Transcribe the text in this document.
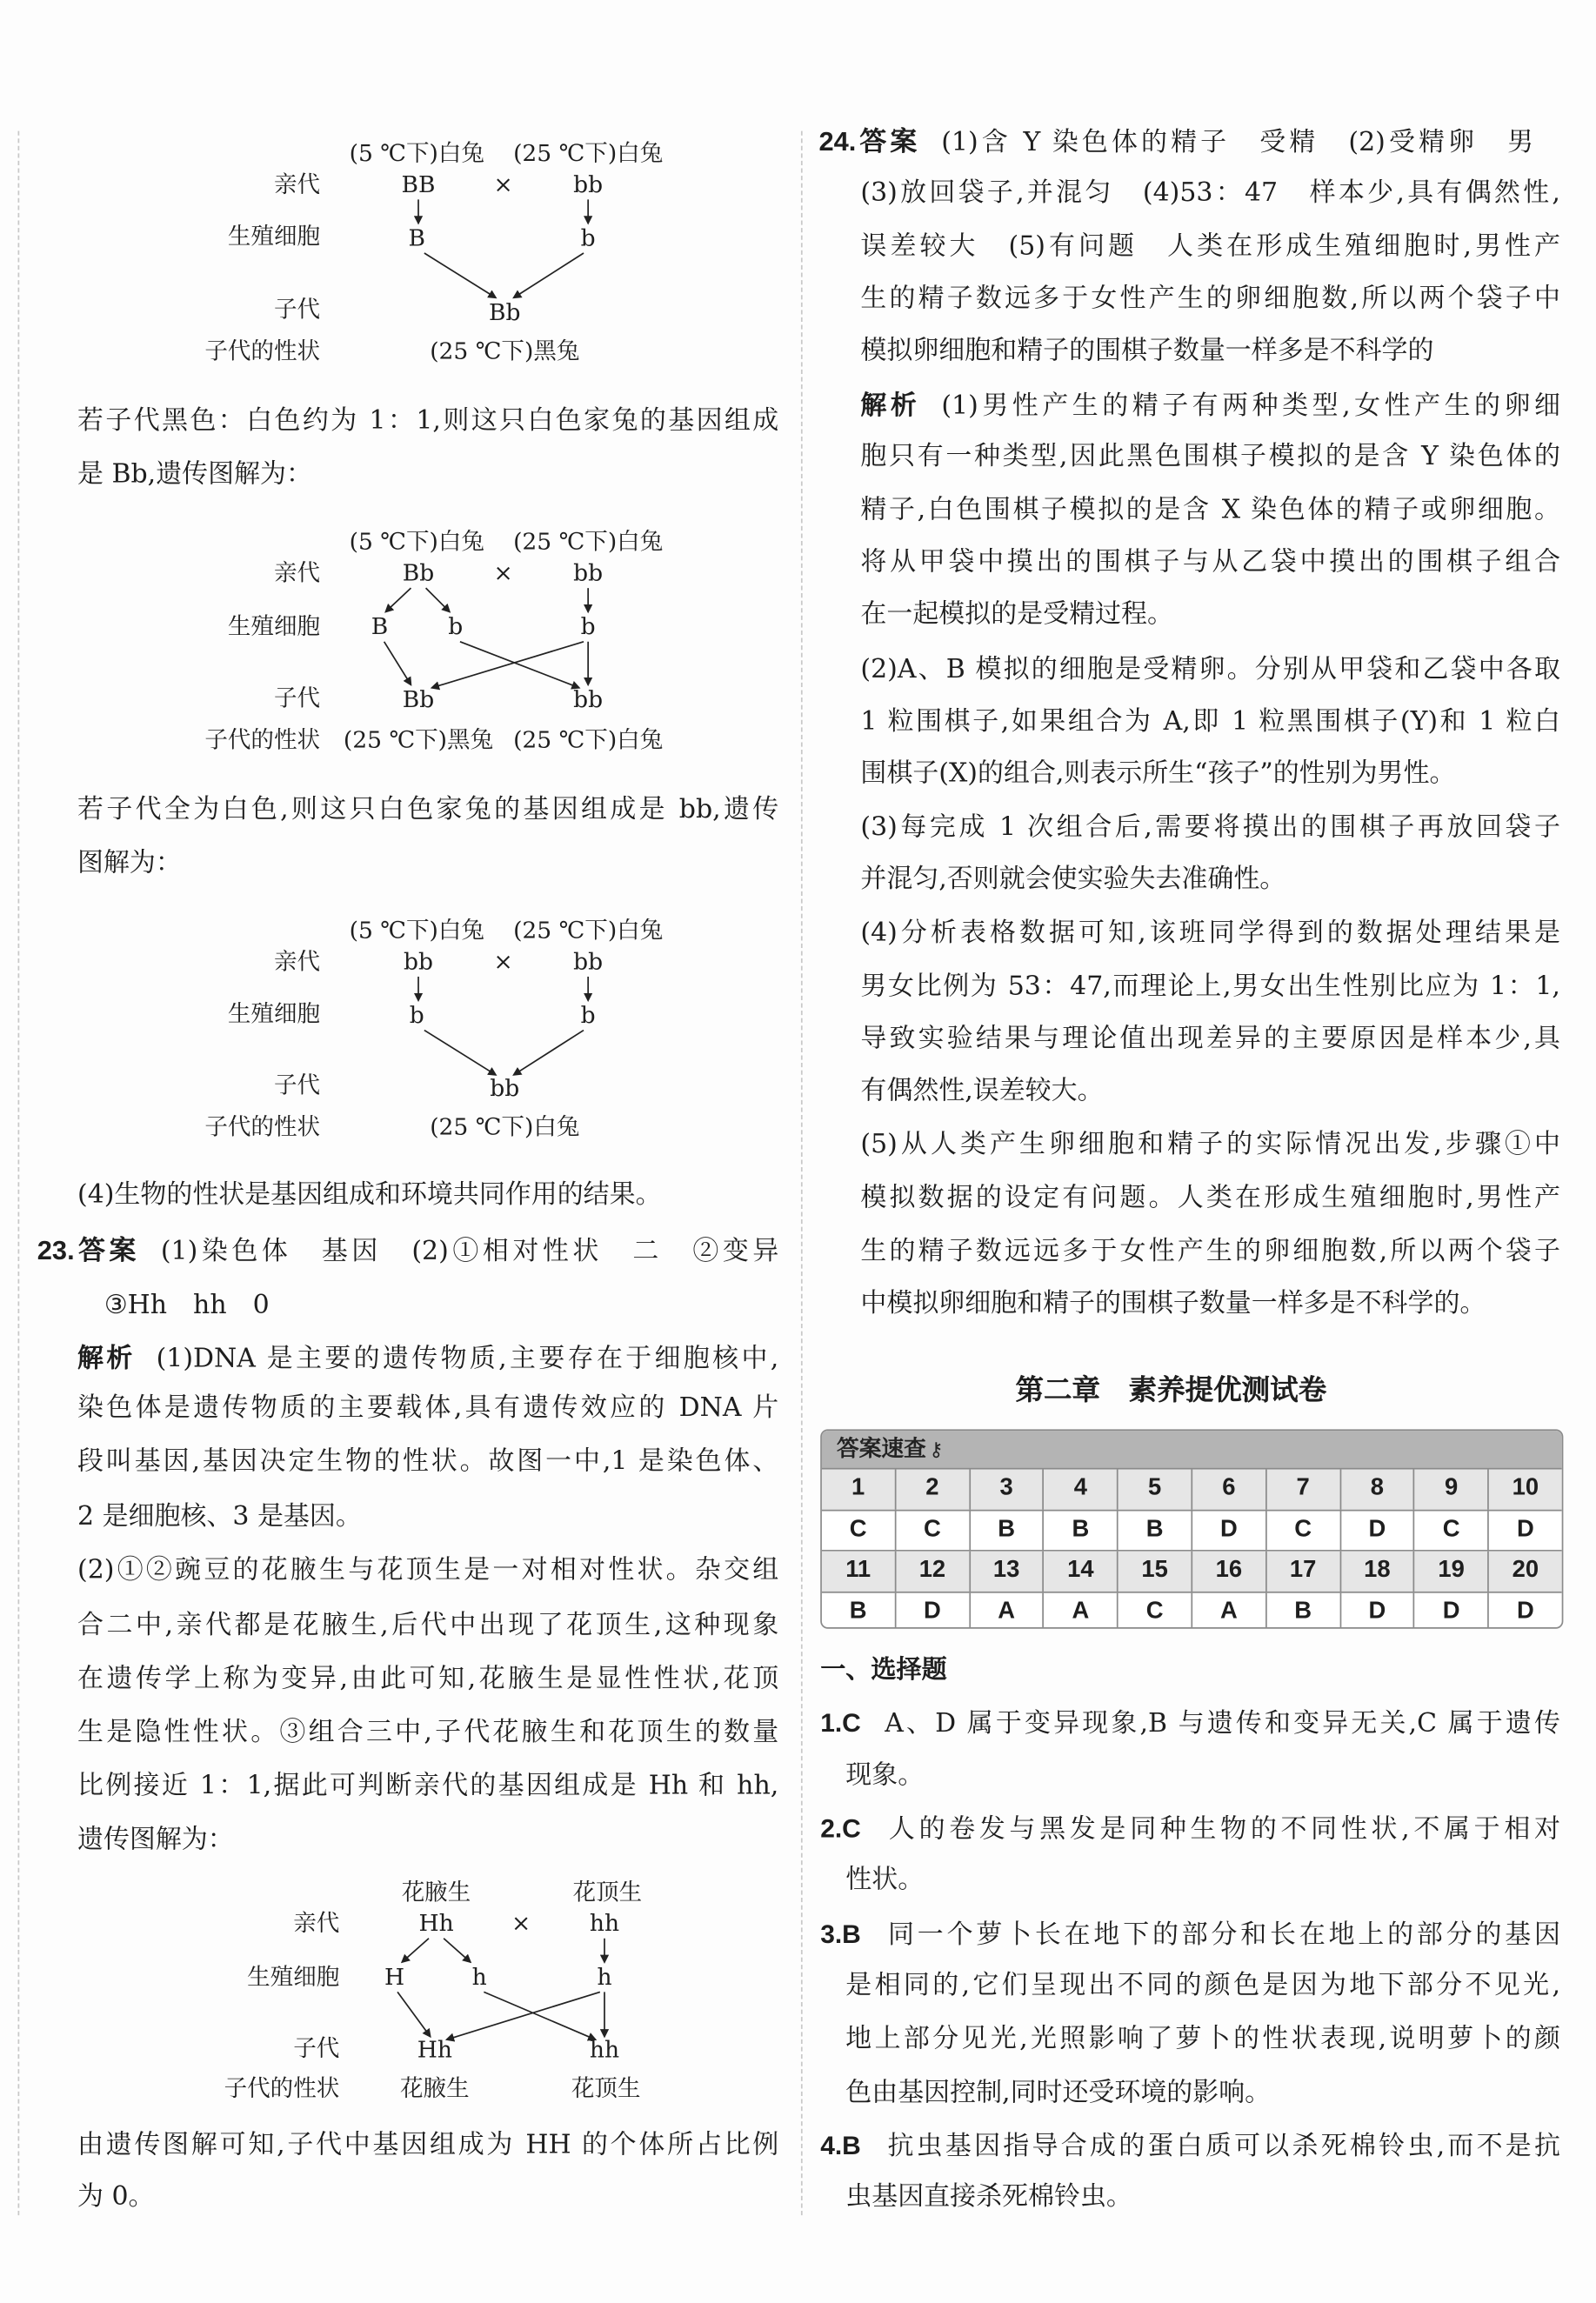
(5 ℃下)白兔 (25 ℃下)白兔
亲代
生殖细胞
子代
子代的性状
BB	×	bb
B	b
Bb
(25 ℃下)黑兔
若子代黑色：白色约为 1：1,则这只白色家兔的基因组成
是 Bb,遗传图解为：
(5 ℃下)白兔 (25 ℃下)白兔
亲代
生殖细胞
子代
子代的性状
Bb	×	bb
B	b	b
Bb	bb
(25 ℃下)黑兔 (25 ℃下)白兔
若子代全为白色,则这只白色家兔的基因组成是 bb,遗传
图解为：
(5 ℃下)白兔 (25 ℃下)白兔
亲代
生殖细胞
子代
子代的性状
bb	×	bb
b	b
bb
(25 ℃下)白兔
(4)生物的性状是基因组成和环境共同作用的结果。
23.答案 (1)染色体　基因　(2)①相对性状　二　②变异
③Hh　hh　0
解析 (1)DNA 是主要的遗传物质,主要存在于细胞核中,
染色体是遗传物质的主要载体,具有遗传效应的 DNA 片
段叫基因,基因决定生物的性状。故图一中,1 是染色体、
2 是细胞核、3 是基因。
(2)①②豌豆的花腋生与花顶生是一对相对性状。杂交组
合二中,亲代都是花腋生,后代中出现了花顶生,这种现象
在遗传学上称为变异,由此可知,花腋生是显性性状,花顶
生是隐性性状。③组合三中,子代花腋生和花顶生的数量
比例接近 1：1,据此可判断亲代的基因组成是 Hh 和 hh,
遗传图解为：
花腋生	花顶生
亲代
生殖细胞
子代
子代的性状
Hh	×	hh
H	h	h
Hh	hh
花腋生	花顶生
由遗传图解可知,子代中基因组成为 HH 的个体所占比例
为 0。
24.答案 (1)含 Y 染色体的精子　受精　(2)受精卵　男
(3)放回袋子,并混匀　(4)53：47　样本少,具有偶然性,
误差较大　(5)有问题　人类在形成生殖细胞时,男性产
生的精子数远多于女性产生的卵细胞数,所以两个袋子中
模拟卵细胞和精子的围棋子数量一样多是不科学的
解析 (1)男性产生的精子有两种类型,女性产生的卵细
胞只有一种类型,因此黑色围棋子模拟的是含 Y 染色体的
精子,白色围棋子模拟的是含 X 染色体的精子或卵细胞。
将从甲袋中摸出的围棋子与从乙袋中摸出的围棋子组合
在一起模拟的是受精过程。
(2)A、B 模拟的细胞是受精卵。分别从甲袋和乙袋中各取
1 粒围棋子,如果组合为 A,即 1 粒黑围棋子(Y)和 1 粒白
围棋子(X)的组合,则表示所生“孩子”的性别为男性。
(3)每完成 1 次组合后,需要将摸出的围棋子再放回袋子
并混匀,否则就会使实验失去准确性。
(4)分析表格数据可知,该班同学得到的数据处理结果是
男女比例为 53：47,而理论上,男女出生性别比应为 1：1,
导致实验结果与理论值出现差异的主要原因是样本少,具
有偶然性,误差较大。
(5)从人类产生卵细胞和精子的实际情况出发,步骤①中
模拟数据的设定有问题。人类在形成生殖细胞时,男性产
生的精子数远远多于女性产生的卵细胞数,所以两个袋子
中模拟卵细胞和精子的围棋子数量一样多是不科学的。
第二章　素养提优测试卷
答案速查 ⚷
1	2	3	4	5	6	7	8	9	10
C	C	B	B	B	D	C	D	C	D
11	12	13	14	15	16	17	18	19	20
B	D	A	A	C	A	B	D	D	D
一、选择题
1.C A、D 属于变异现象,B 与遗传和变异无关,C 属于遗传
现象。
2.C 人的卷发与黑发是同种生物的不同性状,不属于相对
性状。
3.B 同一个萝卜长在地下的部分和长在地上的部分的基因
是相同的,它们呈现出不同的颜色是因为地下部分不见光,
地上部分见光,光照影响了萝卜的性状表现,说明萝卜的颜
色由基因控制,同时还受环境的影响。
4.B 抗虫基因指导合成的蛋白质可以杀死棉铃虫,而不是抗
虫基因直接杀死棉铃虫。
